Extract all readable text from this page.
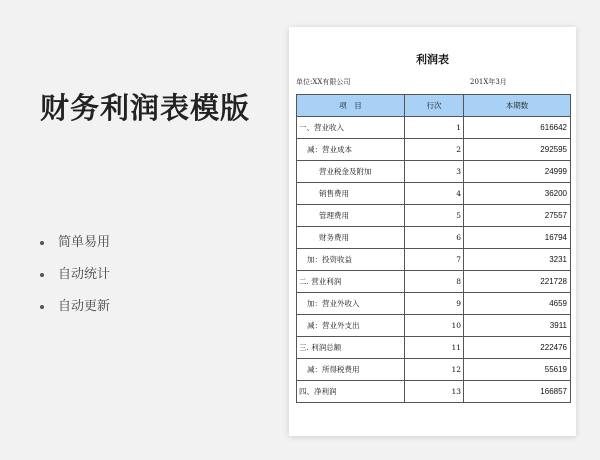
财务利润表模版
简单易用
自动统计
自动更新
利润表
单位:XX有限公司	201X年3月
项　目	行次	本期数
一、营业收入	1	616642
减：营业成本	2	292595
营业税金及附加	3	24999
销售费用	4	36200
管理费用	5	27557
财务费用	6	16794
加：投资收益	7	3231
二. 营业利润	8	221728
加：营业外收入	9	4659
减：营业外支出	10	3911
三. 利润总额	11	222476
减：所得税费用	12	55619
四、净利润	13	166857
